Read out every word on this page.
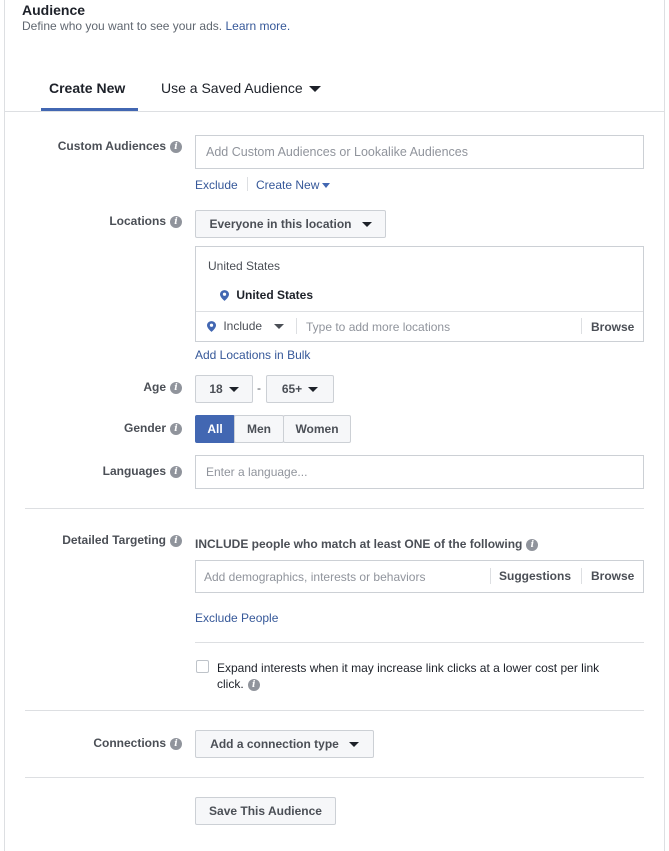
Audience
Define who you want to see your ads. Learn more.
Create New	Use a Saved Audience
Custom Audiences i	Add Custom Audiences or Lookalike Audiences
Exclude Create New
Locations i	Everyone in this location
United States
United States
Include	Type to add more locations	Browse
Add Locations in Bulk
Age i	18	- 65+
Gender i	All	Men	Women
Languages i	Enter a language...
Detailed Targeting i	INCLUDE people who match at least ONE of the following i
Add demographics, interests or behaviors	Suggestions Browse
Exclude People
Expand interests when it may increase link clicks at a lower cost per link
click. i
Connections i	Add a connection type
Save This Audience
